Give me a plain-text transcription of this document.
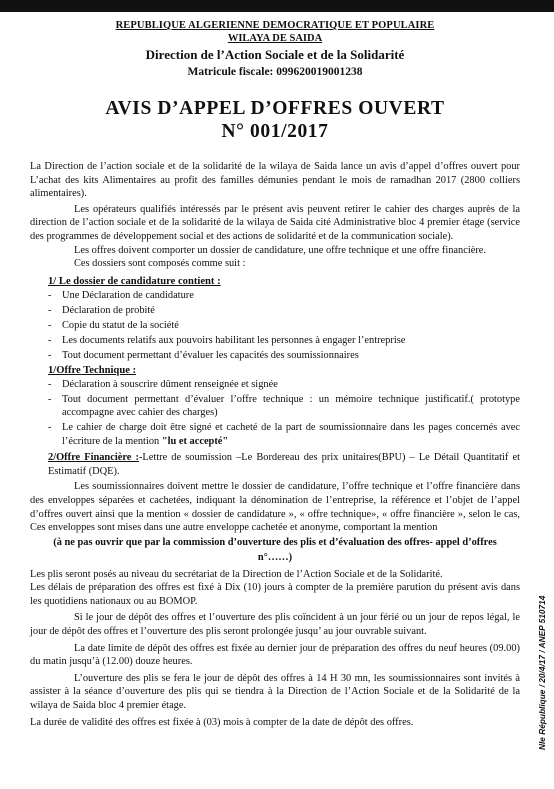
REPUBLIQUE ALGERIENNE DEMOCRATIQUE ET POPULAIRE
WILAYA DE SAIDA
Direction de l’Action Sociale et de la Solidarité
Matricule fiscale: 099620019001238
AVIS D’APPEL D’OFFRES OUVERT
N° 001/2017
La Direction de l’action sociale et de la solidarité de la wilaya de Saida lance un avis d’appel d’offres ouvert pour L’achat des kits Alimentaires au profit des familles démunies pendant le mois de ramadhan 2017 (2800 colliers alimentaires).
Les opérateurs qualifiés intéressés par le présent avis peuvent retirer le cahier des charges auprès de la direction de l’action sociale et de la solidarité de la wilaya de Saida cité Administrative bloc 4 premier étage (service des programmes de développement social et des actions de solidarité et de la communication sociale).
Les offres doivent comporter un dossier de candidature, une offre technique et une offre financière.
Ces dossiers sont composés comme suit :
1/ Le dossier de candidature contient :
- Une Déclaration de candidature
- Déclaration de probité
- Copie du statut de la société
- Les documents relatifs aux pouvoirs habilitant les personnes à engager l’entreprise
- Tout document permettant d’évaluer les capacités des soumissionnaires
1/Offre Technique :
- Déclaration à souscrire dûment renseignée et signée
- Tout document permettant d’évaluer l’offre technique : un mémoire technique justificatif.( prototype accompagne avec cahier des charges)
- Le cahier de charge doit être signé et cacheté de la part de soumissionnaire dans les pages concernés avec l’écriture de la mention "lu et accepté"
2/Offre Financière :-Lettre de soumission –Le Bordereau des prix unitaires(BPU) – Le Détail Quantitatif et Estimatif (DQE).
Les soumissionnaires doivent mettre le dossier de candidature, l’offre technique et l’offre financière dans des enveloppes séparées et cachetées, indiquant la dénomination de l’entreprise, la référence et l’objet de l’appel d’offres ouvert ainsi que la mention « dossier de candidature », « offre technique», « offre financière », selon le cas, Ces enveloppes sont mises dans une autre enveloppe cachetée et anonyme, comportant la mention
(à ne pas ouvrir que par la commission d’ouverture des plis et d’évaluation des offres- appel d’offres
n°……)
Les plis seront posés au niveau du secrétariat de la Direction de l’Action Sociale et de la Solidarité.
Les délais de préparation des offres est fixé à Dix (10) jours à compter de la première parution du présent avis dans les quotidiens nationaux ou au BOMOP.
Si le jour de dépôt des offres et l’ouverture des plis coïncident à un jour férié ou un jour de repos légal, le jour de dépôt des offres et l’ouverture des plis seront prolongée jusqu’ au jour ouvrable suivant.
La date limite de dépôt des offres est fixée au dernier jour de préparation des offres du neuf heures (09.00) du matin jusqu’à (12.00) douze heures.
L’ouverture des plis se fera le jour de dépôt des offres à 14 H 30 mn, les soumissionnaires sont invités à assister à la séance d’ouverture des plis qui se tiendra à la Direction de l’Action Sociale et de la Solidarité de la wilaya de Saida bloc 4 premier étage.
La durée de validité des offres est fixée à (03) mois à compter de la date de dépôt des offres.	Nle République / 20/4/17 / ANEP 510714
